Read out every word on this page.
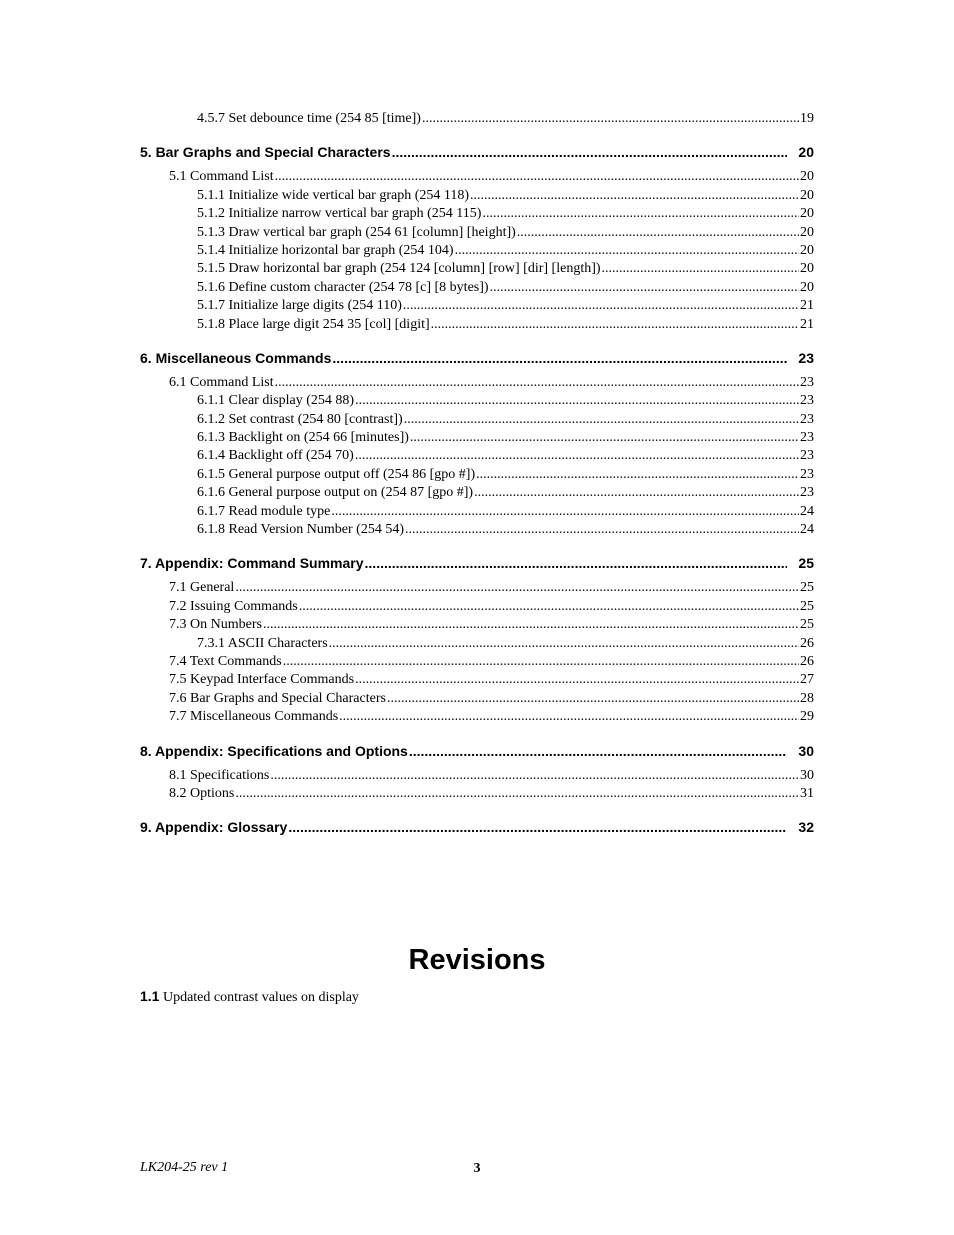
4.5.7 Set debounce time (254 85 [time]) .....	19
5. Bar Graphs and Special Characters .....	20
5.1 Command List .....	20
5.1.1 Initialize wide vertical bar graph (254 118) .....	20
5.1.2 Initialize narrow vertical bar graph (254 115) .....	20
5.1.3 Draw vertical bar graph (254 61 [column] [height]) .....	20
5.1.4 Initialize horizontal bar graph (254 104) .....	20
5.1.5 Draw horizontal bar graph (254 124 [column] [row] [dir] [length]) .....	20
5.1.6 Define custom character (254 78 [c] [8 bytes]) .....	20
5.1.7 Initialize large digits (254 110) .....	21
5.1.8 Place large digit 254 35 [col] [digit] .....	21
6. Miscellaneous Commands .....	23
6.1 Command List .....	23
6.1.1 Clear display (254 88) .....	23
6.1.2 Set contrast (254 80 [contrast]) .....	23
6.1.3 Backlight on (254 66 [minutes]) .....	23
6.1.4 Backlight off (254 70) .....	23
6.1.5 General purpose output off (254 86 [gpo #]) .....	23
6.1.6 General purpose output on (254 87 [gpo #]) .....	23
6.1.7 Read module type .....	24
6.1.8 Read Version Number (254 54) .....	24
7. Appendix: Command Summary .....	25
7.1 General .....	25
7.2 Issuing Commands .....	25
7.3 On Numbers .....	25
7.3.1 ASCII Characters .....	26
7.4 Text Commands .....	26
7.5 Keypad Interface Commands .....	27
7.6 Bar Graphs and Special Characters .....	28
7.7 Miscellaneous Commands .....	29
8. Appendix: Specifications and Options .....	30
8.1 Specifications .....	30
8.2 Options .....	31
9. Appendix: Glossary .....	32
Revisions
1.1 Updated contrast values on display
LK204-25 rev 1	3
